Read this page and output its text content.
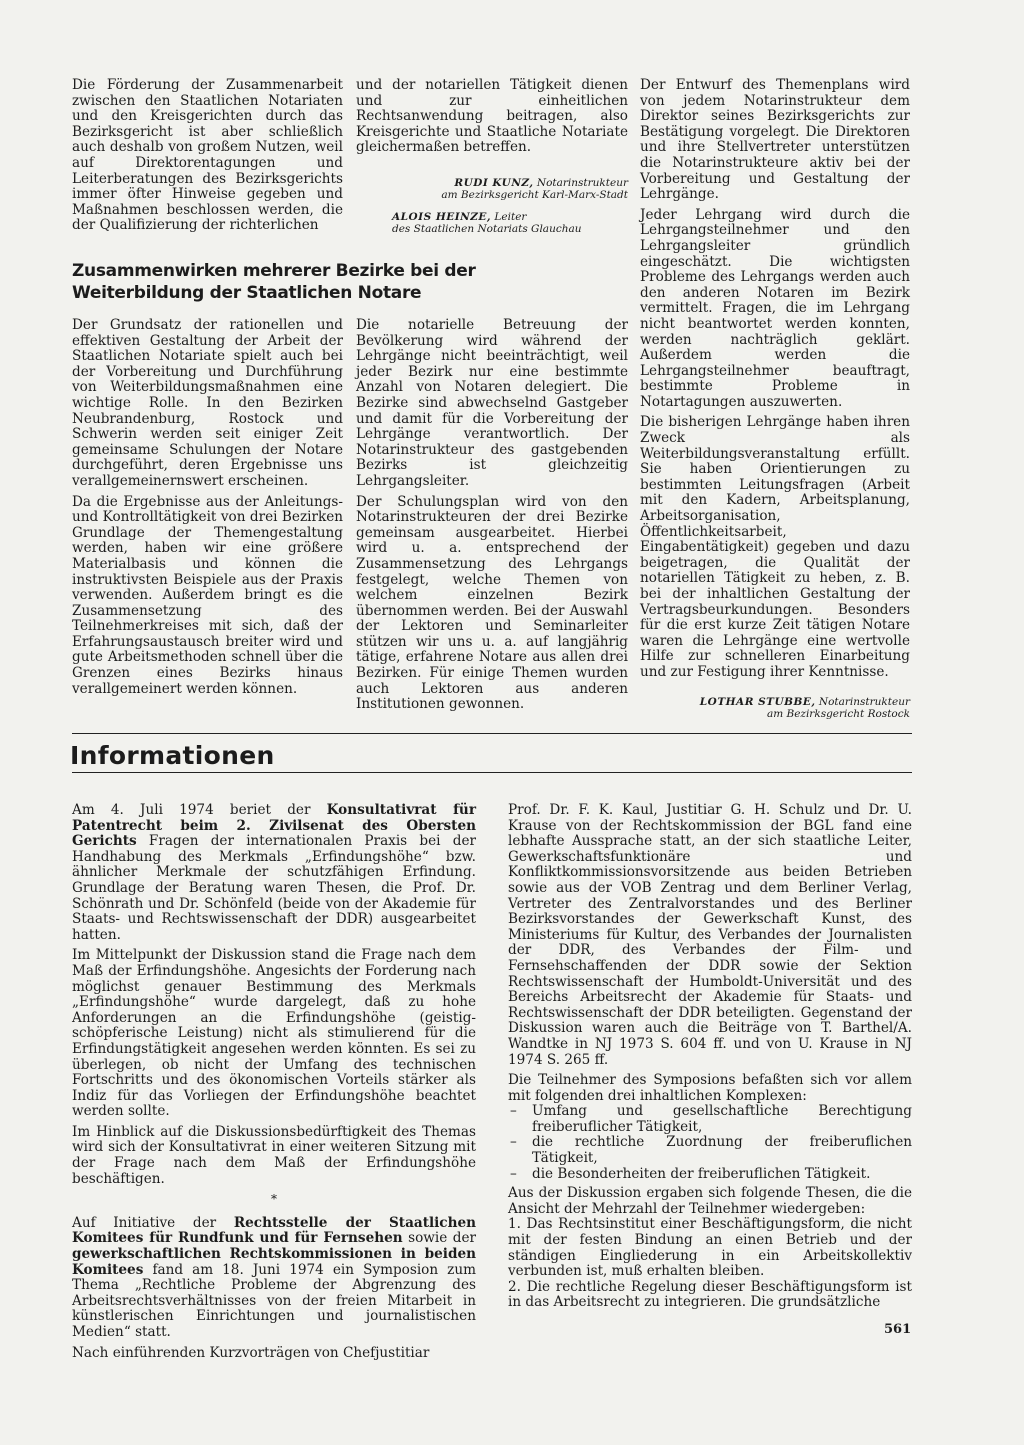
Die Förderung der Zusammenarbeit zwischen den Staatlichen Notariaten und den Kreisgerichten durch das Bezirksgericht ist aber schließlich auch deshalb von großem Nutzen, weil auf Direktorentagungen und Leiterberatungen des Bezirksgerichts immer öfter Hinweise gegeben und Maßnahmen beschlossen werden, die der Qualifizierung der richterlichen

und der notariellen Tätigkeit dienen und zur einheitlichen Rechtsanwendung beitragen, also Kreisgerichte und Staatliche Notariate gleichermaßen betreffen.

RUDI KUNZ, Notarinstrukteur
am Bezirksgericht Karl-Marx-Stadt
ALOIS HEINZE, Leiter
des Staatlichen Notariats Glauchau
Zusammenwirken mehrerer Bezirke bei der Weiterbildung der Staatlichen Notare

Der Grundsatz der rationellen und effektiven Gestaltung der Arbeit der Staatlichen Notariate spielt auch bei der Vorbereitung und Durchführung von Weiterbildungsmaßnahmen eine wichtige Rolle. In den Bezirken Neubrandenburg, Rostock und Schwerin werden seit einiger Zeit gemeinsame Schulungen der Notare durchgeführt, deren Ergebnisse uns verallgemeinernswert erscheinen.

Da die Ergebnisse aus der Anleitungs- und Kontrolltätigkeit von drei Bezirken Grundlage der Themengestaltung werden, haben wir eine größere Materialbasis und können die instruktivsten Beispiele aus der Praxis verwenden. Außerdem bringt es die Zusammensetzung des Teilnehmerkreises mit sich, daß der Erfahrungsaustausch breiter wird und gute Arbeitsmethoden schnell über die Grenzen eines Bezirks hinaus verallgemeinert werden können.

Die notarielle Betreuung der Bevölkerung wird während der Lehrgänge nicht beeinträchtigt, weil jeder Bezirk nur eine bestimmte Anzahl von Notaren delegiert. Die Bezirke sind abwechselnd Gastgeber und damit für die Vorbereitung der Lehrgänge verantwortlich. Der Notarinstrukteur des gastgebenden Bezirks ist gleichzeitig Lehrgangsleiter.

Der Schulungsplan wird von den Notarinstrukteuren der drei Bezirke gemeinsam ausgearbeitet. Hierbei wird u. a. entsprechend der Zusammensetzung des Lehrgangs festgelegt, welche Themen von welchem einzelnen Bezirk übernommen werden. Bei der Auswahl der Lektoren und Seminarleiter stützen wir uns u. a. auf langjährig tätige, erfahrene Notare aus allen drei Bezirken. Für einige Themen wurden auch Lektoren aus anderen Institutionen gewonnen.

Der Entwurf des Themenplans wird von jedem Notarinstrukteur dem Direktor seines Bezirksgerichts zur Bestätigung vorgelegt. Die Direktoren und ihre Stellvertreter unterstützen die Notarinstrukteure aktiv bei der Vorbereitung und Gestaltung der Lehrgänge.

Jeder Lehrgang wird durch die Lehrgangsteilnehmer und den Lehrgangsleiter gründlich eingeschätzt. Die wichtigsten Probleme des Lehrgangs werden auch den anderen Notaren im Bezirk vermittelt. Fragen, die im Lehrgang nicht beantwortet werden konnten, werden nachträglich geklärt. Außerdem werden die Lehrgangsteilnehmer beauftragt, bestimmte Probleme in Notartagungen auszuwerten.

Die bisherigen Lehrgänge haben ihren Zweck als Weiterbildungsveranstaltung erfüllt. Sie haben Orientierungen zu bestimmten Leitungsfragen (Arbeit mit den Kadern, Arbeitsplanung, Arbeitsorganisation, Öffentlichkeitsarbeit, Eingabentätigkeit) gegeben und dazu beigetragen, die Qualität der notariellen Tätigkeit zu heben, z. B. bei der inhaltlichen Gestaltung der Vertragsbeurkundungen. Besonders für die erst kurze Zeit tätigen Notare waren die Lehrgänge eine wertvolle Hilfe zur schnelleren Einarbeitung und zur Festigung ihrer Kenntnisse.

LOTHAR STUBBE, Notarinstrukteur
am Bezirksgericht Rostock
Informationen

Am 4. Juli 1974 beriet der Konsultativrat für Patentrecht beim 2. Zivilsenat des Obersten Gerichts Fragen der internationalen Praxis bei der Handhabung des Merkmals „Erfindungshöhe“ bzw. ähnlicher Merkmale der schutzfähigen Erfindung. Grundlage der Beratung waren Thesen, die Prof. Dr. Schönrath und Dr. Schönfeld (beide von der Akademie für Staats- und Rechtswissenschaft der DDR) ausgearbeitet hatten.

Im Mittelpunkt der Diskussion stand die Frage nach dem Maß der Erfindungshöhe. Angesichts der Forderung nach möglichst genauer Bestimmung des Merkmals „Erfindungshöhe“ wurde dargelegt, daß zu hohe Anforderungen an die Erfindungshöhe (geistig-schöpferische Leistung) nicht als stimulierend für die Erfindungstätigkeit angesehen werden könnten. Es sei zu überlegen, ob nicht der Umfang des technischen Fortschritts und des ökonomischen Vorteils stärker als Indiz für das Vorliegen der Erfindungshöhe beachtet werden sollte.

Im Hinblick auf die Diskussionsbedürftigkeit des Themas wird sich der Konsultativrat in einer weiteren Sitzung mit der Frage nach dem Maß der Erfindungshöhe beschäftigen.

*

Auf Initiative der Rechtsstelle der Staatlichen Komitees für Rundfunk und für Fernsehen sowie der gewerkschaftlichen Rechtskommissionen in beiden Komitees fand am 18. Juni 1974 ein Symposion zum Thema „Rechtliche Probleme der Abgrenzung des Arbeitsrechtsverhältnisses von der freien Mitarbeit in künstlerischen Einrichtungen und journalistischen Medien“ statt.

Nach einführenden Kurzvorträgen von Chefjustitiar

Prof. Dr. F. K. Kaul, Justitiar G. H. Schulz und Dr. U. Krause von der Rechtskommission der BGL fand eine lebhafte Aussprache statt, an der sich staatliche Leiter, Gewerkschaftsfunktionäre und Konfliktkommissionsvorsitzende aus beiden Betrieben sowie aus der VOB Zentrag und dem Berliner Verlag, Vertreter des Zentralvorstandes und des Berliner Bezirksvorstandes der Gewerkschaft Kunst, des Ministeriums für Kultur, des Verbandes der Journalisten der DDR, des Verbandes der Film- und Fernsehschaffenden der DDR sowie der Sektion Rechtswissenschaft der Humboldt-Universität und des Bereichs Arbeitsrecht der Akademie für Staats- und Rechtswissenschaft der DDR beteiligten. Gegenstand der Diskussion waren auch die Beiträge von T. Barthel/A. Wandtke in NJ 1973 S. 604 ff. und von U. Krause in NJ 1974 S. 265 ff.

Die Teilnehmer des Symposions befaßten sich vor allem mit folgenden drei inhaltlichen Komplexen:

– Umfang und gesellschaftliche Berechtigung freiberuflicher Tätigkeit,
– die rechtliche Zuordnung der freiberuflichen Tätigkeit,
– die Besonderheiten der freiberuflichen Tätigkeit.

Aus der Diskussion ergaben sich folgende Thesen, die die Ansicht der Mehrzahl der Teilnehmer wiedergeben:

1. Das Rechtsinstitut einer Beschäftigungsform, die nicht mit der festen Bindung an einen Betrieb und der ständigen Eingliederung in ein Arbeitskollektiv verbunden ist, muß erhalten bleiben.

2. Die rechtliche Regelung dieser Beschäftigungsform ist in das Arbeitsrecht zu integrieren. Die grundsätzliche

561
